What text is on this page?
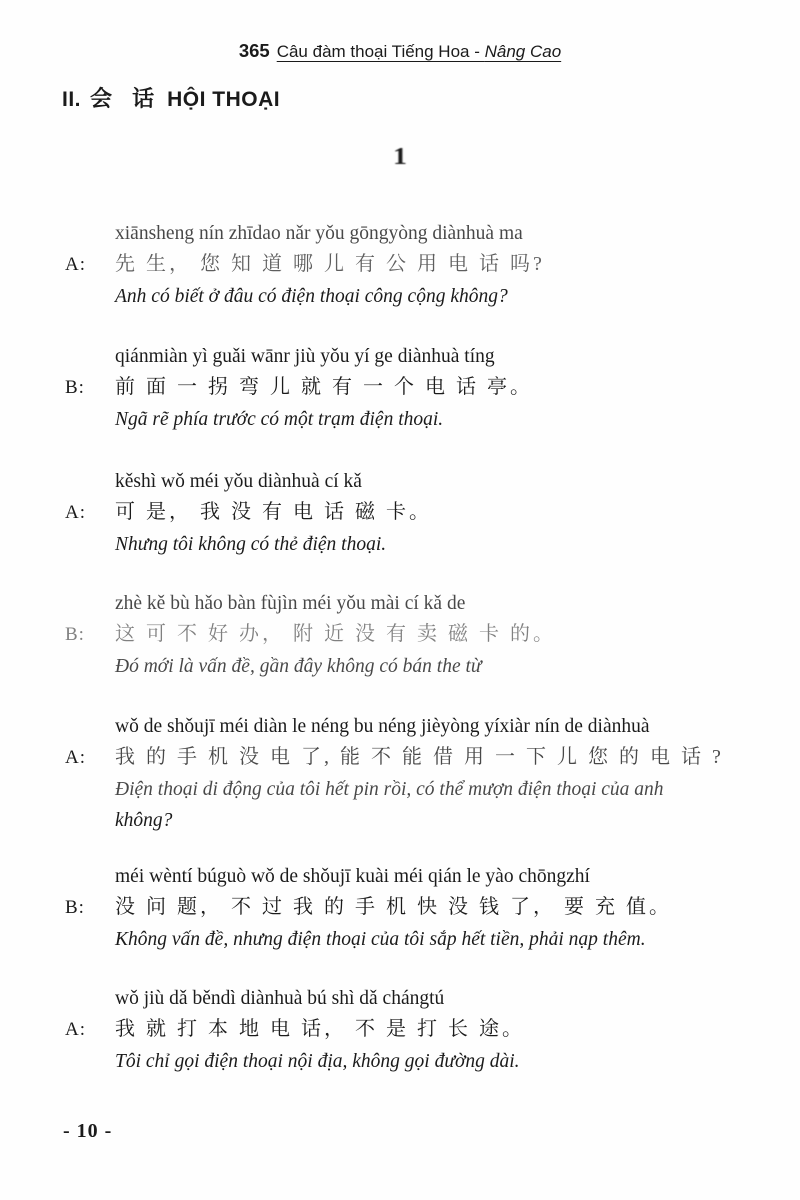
365 Câu đàm thoại Tiếng Hoa - Nâng Cao
II. 会 话 HỘI THOẠI
1
xiānsheng nín zhīdao nǎr yǒu gōngyòng diànhuà ma
A: 先 生， 您 知 道 哪 儿 有 公 用 电 话 吗?
Anh có biết ở đâu có điện thoại công cộng không?
qiánmiàn yì guǎi wānr jiù yǒu yí ge diànhuà tíng
B: 前 面 一 拐 弯 儿 就 有 一 个 电 话 亭。
Ngã rẽ phía trước có một trạm điện thoại.
kěshì wǒ méi yǒu diànhuà cí kǎ
A: 可 是， 我 没 有 电 话 磁 卡。
Nhưng tôi không có thẻ điện thoại.
zhè kě bù hǎo bàn fùjìn méi yǒu mài cí kǎ de
B: 这 可 不 好 办， 附 近 没 有 卖 磁 卡 的。
Đó mới là vấn đề, gần đây không có bán the từ
wǒ de shǒujī méi diàn le néng bu néng jièyòng yíxiàr nín de diànhuà
A: 我 的 手 机 没 电 了, 能 不 能 借 用 一 下 儿 您 的 电 话 ?
Điện thoại di động của tôi hết pin rồi, có thể mượn điện thoại của anh
không?
méi wèntí búguò wǒ de shǒujī kuài méi qián le yào chōngzhí
B: 没 问 题， 不 过 我 的 手 机 快 没 钱 了， 要 充 值。
Không vấn đề, nhưng điện thoại của tôi sắp hết tiền, phải nạp thêm.
wǒ jiù dǎ běndì diànhuà bú shì dǎ chángtú
A: 我 就 打 本 地 电 话， 不 是 打 长 途。
Tôi chỉ gọi điện thoại nội địa, không gọi đường dài.
- 10 -
